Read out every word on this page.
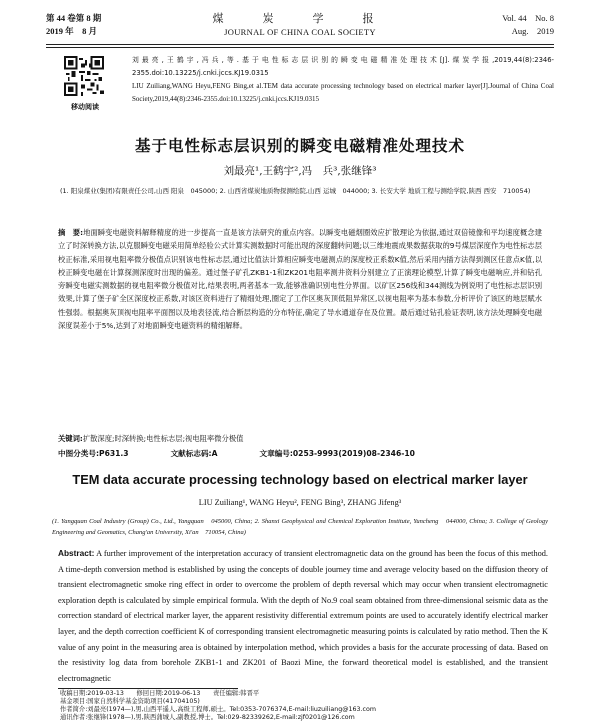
第 44 卷第 8 期
2019 年　8 月
煤　炭　学　报
JOURNAL OF CHINA COAL SOCIETY
Vol. 44　No. 8
Aug.　2019
移动阅读
刘最亮,王鹤宇,冯兵,等.基于电性标志层识别的瞬变电磁精准处理技术[J].煤炭学报,2019,44(8):2346-2355.doi:10.13225/j.cnki.jccs.KJ19.0315
LIU Zuiliang,WANG Heyu,FENG Bing,et al.TEM data accurate processing technology based on electrical marker layer[J].Journal of China Coal Society,2019,44(8):2346-2355.doi:10.13225/j.cnki.jccs.KJ19.0315
基于电性标志层识别的瞬变电磁精准处理技术
刘最亮¹,王鹤宇²,冯　兵³,张继锋³
(1. 阳泉煤业(集团)有限责任公司,山西 阳泉　045000; 2. 山西省煤炭地质物探测绘院,山西 运城　044000; 3. 长安大学 地质工程与测绘学院,陕西 西安　710054)
摘　要:地面瞬变电磁资料解释精度的进一步提高一直是该方法研究的重点内容。以瞬变电磁烟圈效应扩散理论为依据,通过双倍镜像和平均速度概念建立了时深转换方法,以克服瞬变电磁采用简单经验公式计算实测数据时可能出现的深度翻转问题;以三维地震成果数据获取的9号煤层深度作为电性标志层校正标准,采用视电阻率微分极值点识别该电性标志层,通过比值法计算相应瞬变电磁测点的深度校正系数K值,然后采用内插方法得到测区任意点K值,以校正瞬变电磁在计算探测深度时出现的偏差。通过堡子矿孔ZKB1-1和ZK201电阻率测井资料分别建立了正演理论模型,计算了瞬变电磁响应,并和钻孔旁瞬变电磁实测数据的视电阻率微分极值对比,结果表明,两者基本一致,能够准确识别电性分界面。以矿区256线和344测线为例说明了电性标志层识别效果,计算了堡子矿全区深度校正系数,对该区资料进行了精细处理,圈定了工作区奥灰顶低阻异常区,以视电阻率为基本参数,分析评价了该区的地层赋水性强弱。根据奥灰顶视电阻率平面图以及地表径流,结合断层构造的分布特征,确定了导水通道存在及位置。最后通过钻孔验证表明,该方法处理瞬变电磁深度误差小于5%,达到了对地面瞬变电磁资料的精细解释。
关键词:扩散深度;时深转换;电性标志层;视电阻率微分极值
中图分类号:P631.3	文献标志码:A	文章编号:0253-9993(2019)08-2346-10
TEM data accurate processing technology based on electrical marker layer
LIU Zuiliang¹, WANG Heyu², FENG Bing³, ZHANG Jifeng³
(1. Yangquan Coal Industry (Group) Co., Ltd., Yangquan　045000, China; 2. Shanxi Geophysical and Chemical Exploration Institute, Yuncheng　044000, China; 3. College of Geology Engineering and Geomatics, Chang'an University, Xi'an　710054, China)
Abstract: A further improvement of the interpretation accuracy of transient electromagnetic data on the ground has been the focus of this method. A time-depth conversion method is established by using the concepts of double journey time and average velocity based on the diffusion theory of transient electromagnetic smoke ring effect in order to overcome the problem of depth reversal which may occur when transient electromagnetic exploration depth is calculated by simple empirical formula. With the depth of No.9 coal seam obtained from three-dimensional seismic data as the correction standard of electrical marker layer, the apparent resistivity differential extremum points are used to accurately identify electrical marker layer, and the depth correction coefficient K of corresponding transient electromagnetic measuring points is calculated by ratio method. Then the K value of any point in the measuring area is obtained by interpolation method, which provides a basis for the accurate processing of data. Based on the resistivity log data from borehole ZKB1-1 and ZK201 of Baozi Mine, the forward theoretical model is established, and the transient electromagnetic
收稿日期:2019-03-13　　修回日期:2019-06-13　　责任编辑:韩晋平
基金项目:国家自然科学基金资助项目(41704105)
作者简介:刘最亮(1974—),男,山西平遥人,高级工程师,硕士。Tel:0353-7076374,E-mail:liuzuiliang@163.com
通讯作者:张继锋(1978—),男,陕西蒲城人,副教授,博士。Tel:029-82339262,E-mail:zjf0201@126.com
